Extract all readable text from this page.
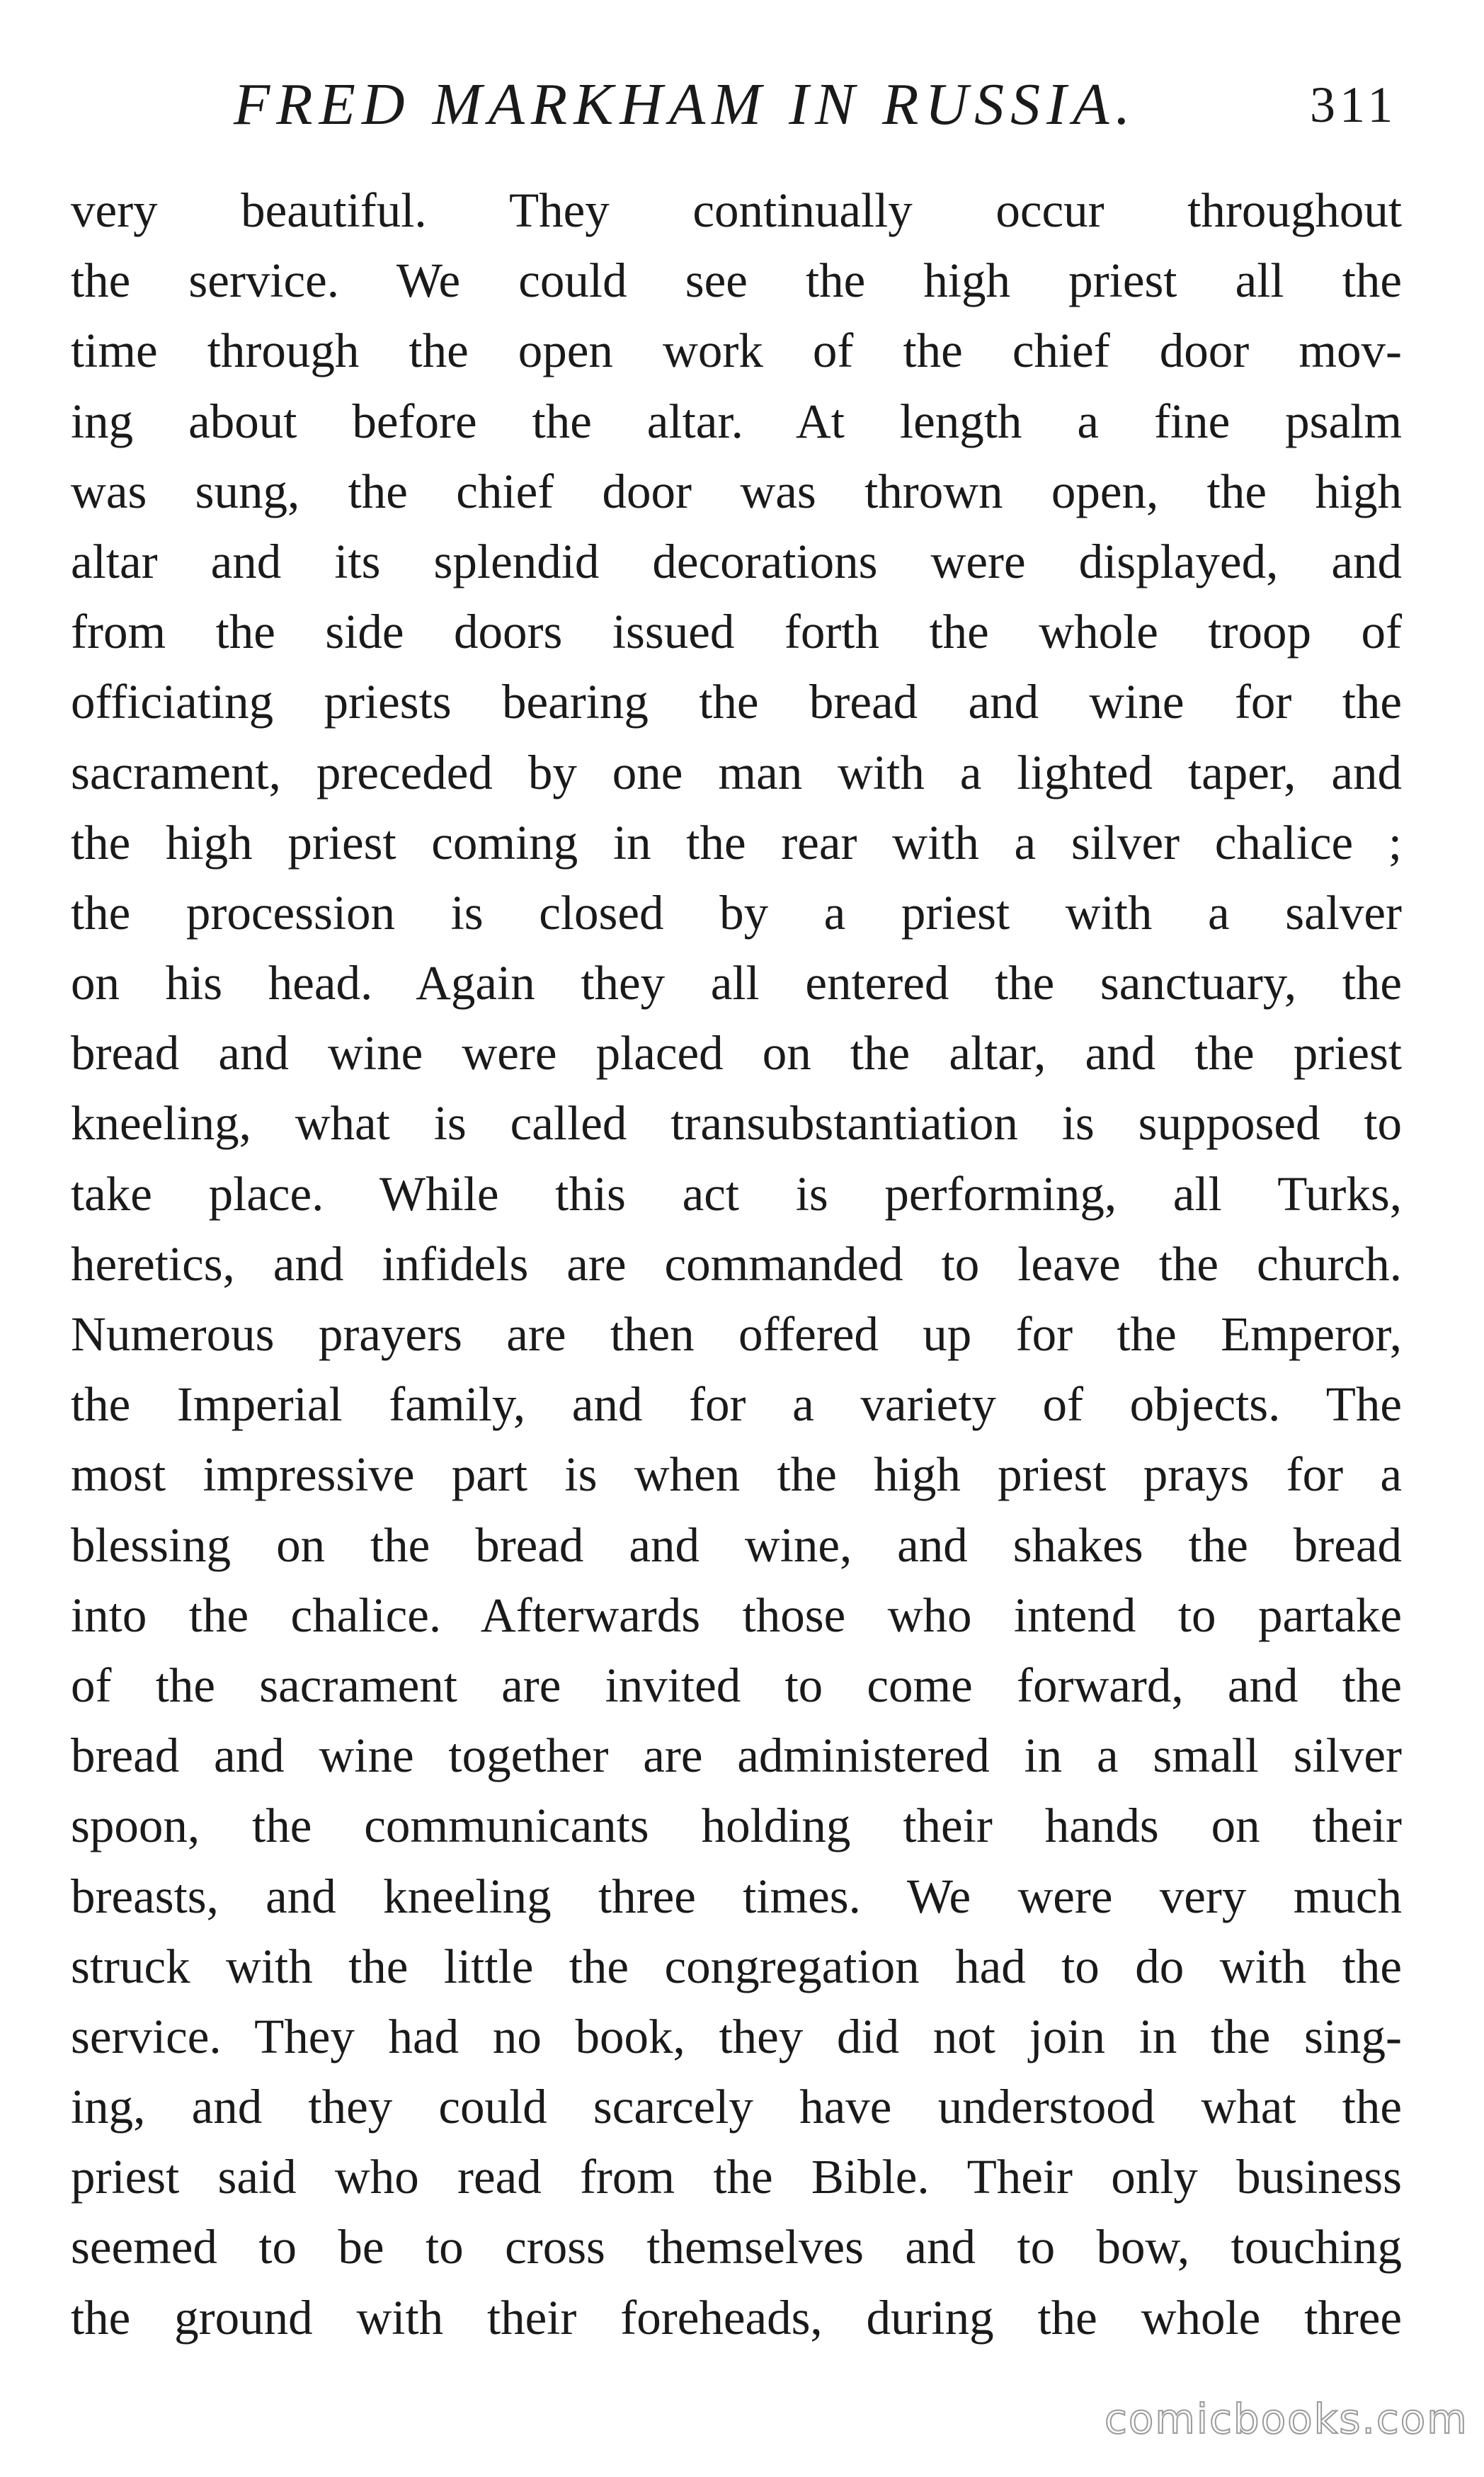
FRED MARKHAM IN RUSSIA.	311
very beautiful. They continually occur throughout
the service. We could see the high priest all the
time through the open work of the chief door mov-
ing about before the altar. At length a fine psalm
was sung, the chief door was thrown open, the high
altar and its splendid decorations were displayed, and
from the side doors issued forth the whole troop of
officiating priests bearing the bread and wine for the
sacrament, preceded by one man with a lighted taper, and
the high priest coming in the rear with a silver chalice ;
the procession is closed by a priest with a salver
on his head. Again they all entered the sanctuary, the
bread and wine were placed on the altar, and the priest
kneeling, what is called transubstantiation is supposed to
take place. While this act is performing, all Turks,
heretics, and infidels are commanded to leave the church.
Numerous prayers are then offered up for the Emperor,
the Imperial family, and for a variety of objects. The
most impressive part is when the high priest prays for a
blessing on the bread and wine, and shakes the bread
into the chalice. Afterwards those who intend to partake
of the sacrament are invited to come forward, and the
bread and wine together are administered in a small silver
spoon, the communicants holding their hands on their
breasts, and kneeling three times. We were very much
struck with the little the congregation had to do with the
service. They had no book, they did not join in the sing-
ing, and they could scarcely have understood what the
priest said who read from the Bible. Their only business
seemed to be to cross themselves and to bow, touching
the ground with their foreheads, during the whole three
comicbooks.com
